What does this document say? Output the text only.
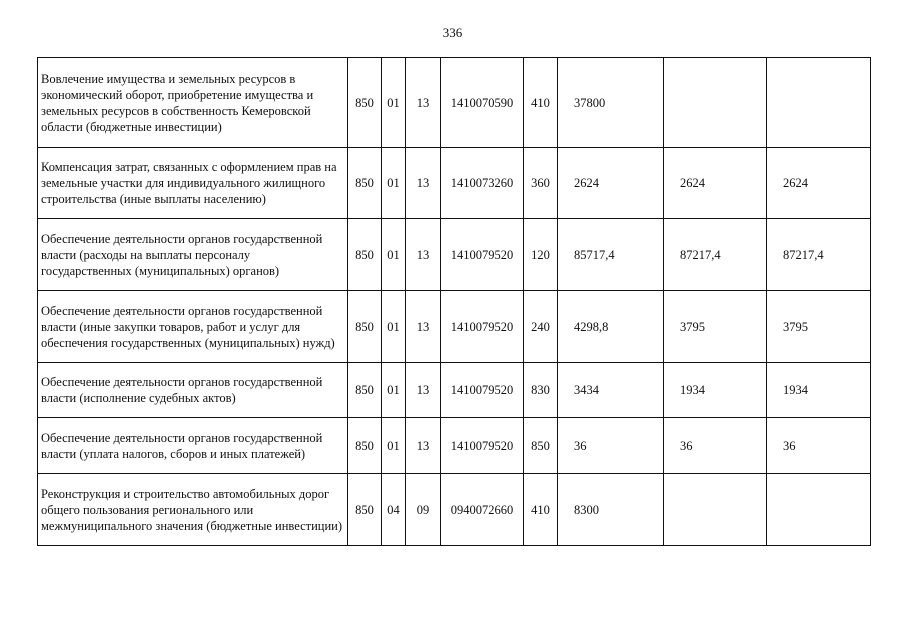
336
Вовлечение имущества и земельных ресурсов в экономический оборот, приобретение имущества и земельных ресурсов в собственность Кемеровской области (бюджетные инвестиции)	850	01	13	1410070590	410	37800		
Компенсация затрат, связанных с оформлением прав на земельные участки для индивидуального жилищного строительства (иные выплаты населению)	850	01	13	1410073260	360	2624	2624	2624
Обеспечение деятельности органов государственной власти (расходы на выплаты персоналу государственных (муниципальных) органов)	850	01	13	1410079520	120	85717,4	87217,4	87217,4
Обеспечение деятельности органов государственной власти (иные закупки товаров, работ и услуг для обеспечения государственных (муниципальных) нужд)	850	01	13	1410079520	240	4298,8	3795	3795
Обеспечение деятельности органов государственной власти (исполнение судебных актов)	850	01	13	1410079520	830	3434	1934	1934
Обеспечение деятельности органов государственной власти (уплата налогов, сборов и иных платежей)	850	01	13	1410079520	850	36	36	36
Реконструкция и строительство автомобильных дорог общего пользования регионального или межмуниципального значения (бюджетные инвестиции)	850	04	09	0940072660	410	8300		
